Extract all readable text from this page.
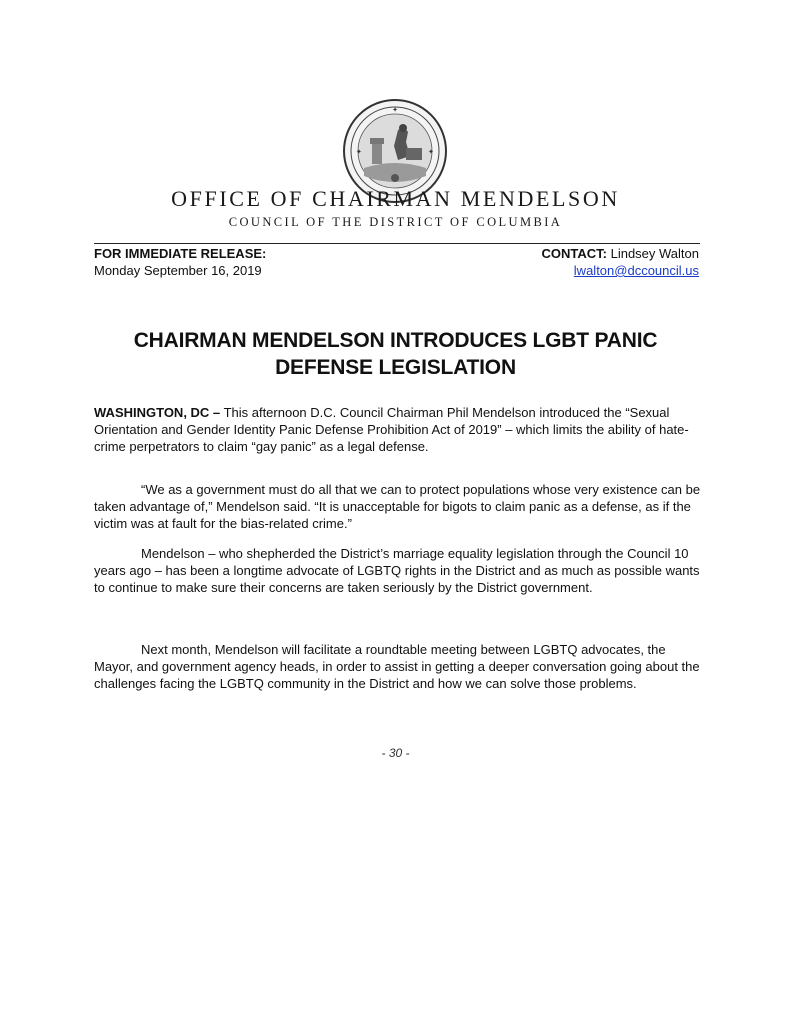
✦
✦	✦
OFFICE OF CHAIRMAN MENDELSON
COUNCIL OF THE DISTRICT OF COLUMBIA
FOR IMMEDIATE RELEASE:
Monday September 16, 2019
CONTACT: Lindsey Walton
lwalton@dccouncil.us
CHAIRMAN MENDELSON INTRODUCES LGBT PANIC DEFENSE LEGISLATION

WASHINGTON, DC – This afternoon D.C. Council Chairman Phil Mendelson introduced the “Sexual Orientation and Gender Identity Panic Defense Prohibition Act of 2019” – which limits the ability of hate-crime perpetrators to claim “gay panic” as a legal defense.

“We as a government must do all that we can to protect populations whose very existence can be taken advantage of,” Mendelson said. “It is unacceptable for bigots to claim panic as a defense, as if the victim was at fault for the bias-related crime.”

Mendelson – who shepherded the District’s marriage equality legislation through the Council 10 years ago – has been a longtime advocate of LGBTQ rights in the District and as much as possible wants to continue to make sure their concerns are taken seriously by the District government.

Next month, Mendelson will facilitate a roundtable meeting between LGBTQ advocates, the Mayor, and government agency heads, in order to assist in getting a deeper conversation going about the challenges facing the LGBTQ community in the District and how we can solve those problems.

- 30 -
